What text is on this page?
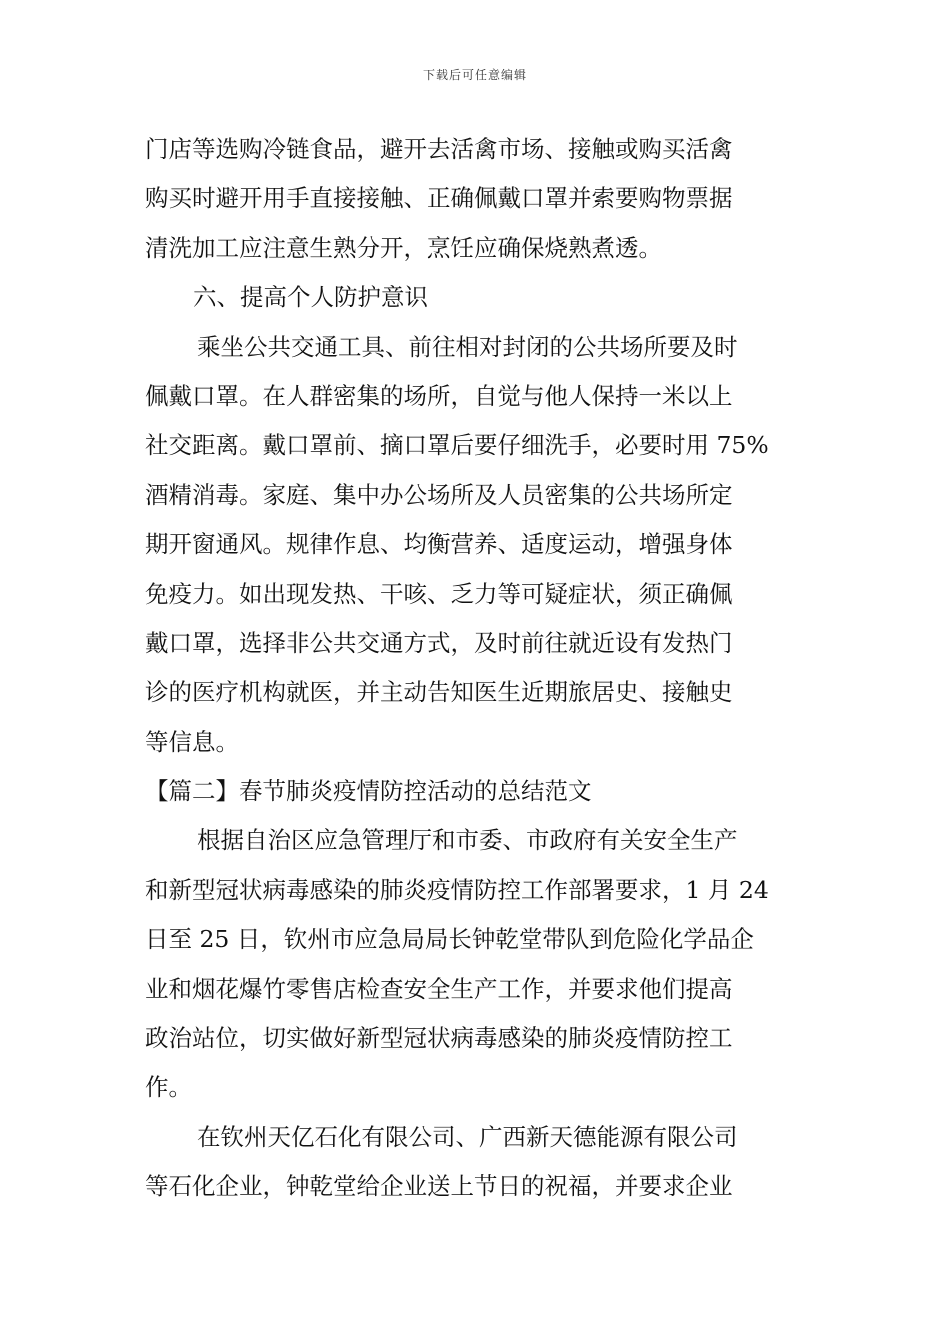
下载后可任意编辑
门店等选购冷链食品，避开去活禽市场、接触或购买活禽
购买时避开用手直接接触、正确佩戴口罩并索要购物票据
清洗加工应注意生熟分开，烹饪应确保烧熟煮透。
六、提高个人防护意识
乘坐公共交通工具、前往相对封闭的公共场所要及时
佩戴口罩。在人群密集的场所，自觉与他人保持一米以上
社交距离。戴口罩前、摘口罩后要仔细洗手，必要时用 75%
酒精消毒。家庭、集中办公场所及人员密集的公共场所定
期开窗通风。规律作息、均衡营养、适度运动，增强身体
免疫力。如出现发热、干咳、乏力等可疑症状，须正确佩
戴口罩，选择非公共交通方式，及时前往就近设有发热门
诊的医疗机构就医，并主动告知医生近期旅居史、接触史
等信息。
【篇二】春节肺炎疫情防控活动的总结范文
根据自治区应急管理厅和市委、市政府有关安全生产
和新型冠状病毒感染的肺炎疫情防控工作部署要求，1 月 24
日至 25 日，钦州市应急局局长钟乾堂带队到危险化学品企
业和烟花爆竹零售店检查安全生产工作，并要求他们提高
政治站位，切实做好新型冠状病毒感染的肺炎疫情防控工
作。
在钦州天亿石化有限公司、广西新天德能源有限公司
等石化企业，钟乾堂给企业送上节日的祝福，并要求企业
